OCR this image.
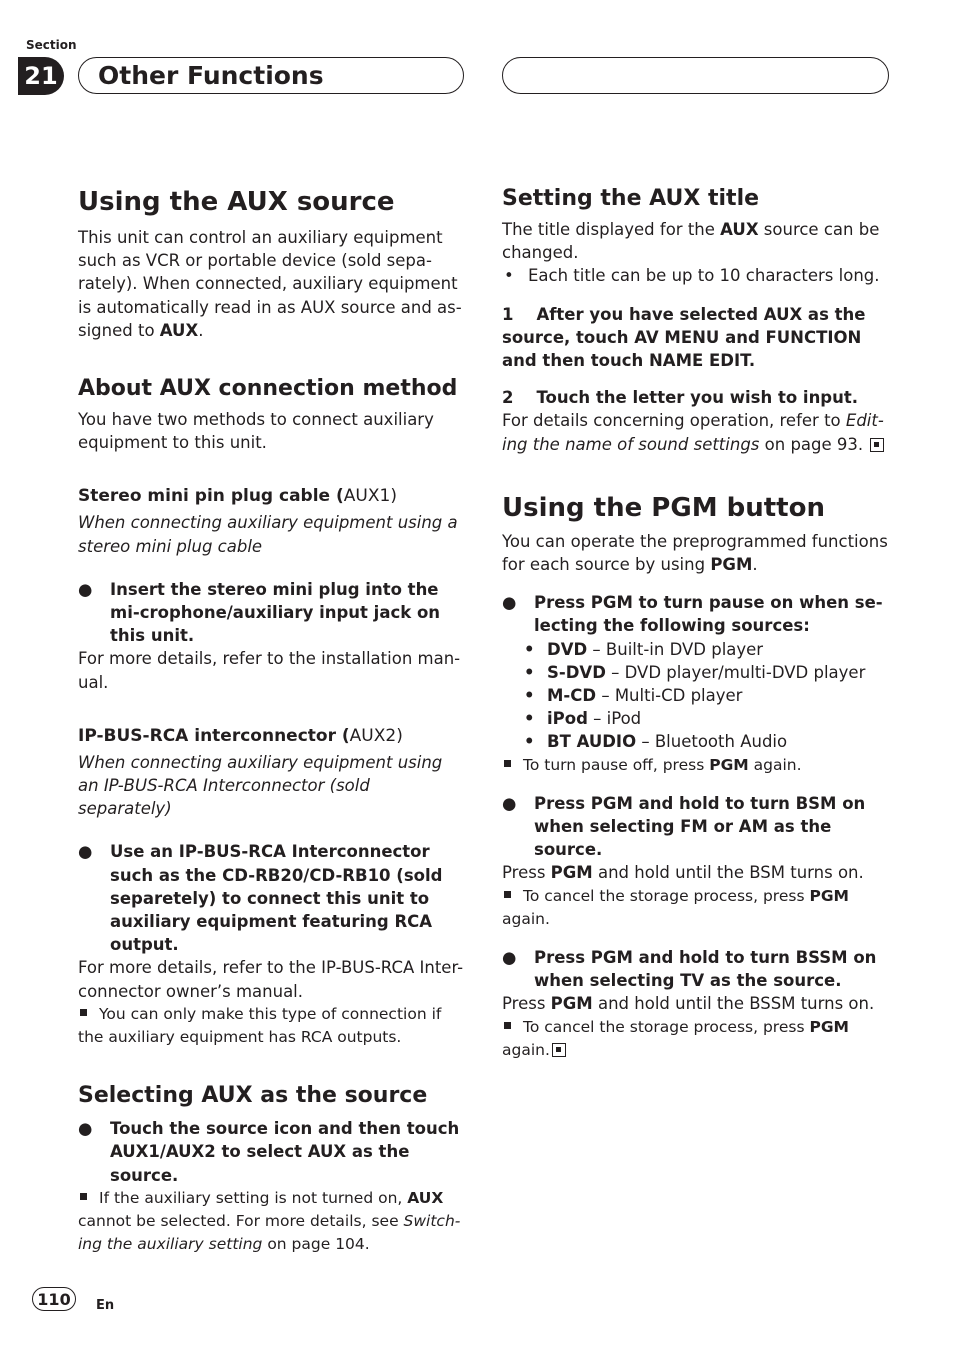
Section
21 Other Functions
Using the AUX source

This unit can control an auxiliary equipment such as VCR or portable device (sold sepa-rately). When connected, auxiliary equipment is automatically read in as AUX source and as-signed to AUX.

About AUX connection method

You have two methods to connect auxiliary equipment to this unit.

Stereo mini pin plug cable (AUX1)

When connecting auxiliary equipment using a stereo mini plug cable

● Insert the stereo mini plug into the mi-crophone/auxiliary input jack on this unit.

For more details, refer to the installation man-ual.

IP-BUS-RCA interconnector (AUX2)

When connecting auxiliary equipment using an IP-BUS-RCA Interconnector (sold separately)

● Use an IP-BUS-RCA Interconnector such as the CD-RB20/CD-RB10 (sold separetely) to connect this unit to auxiliary equipment featuring RCA output.

For more details, refer to the IP-BUS-RCA Inter-connector owner’s manual.

You can only make this type of connection if the auxiliary equipment has RCA outputs.

Selecting AUX as the source

● Touch the source icon and then touch AUX1/AUX2 to select AUX as the source.

If the auxiliary setting is not turned on, AUX cannot be selected. For more details, see Switch-ing the auxiliary setting on page 104.

Setting the AUX title

The title displayed for the AUX source can be changed.

• Each title can be up to 10 characters long.

1 After you have selected AUX as the source, touch AV MENU and FUNCTION and then touch NAME EDIT.

2 Touch the letter you wish to input.

For details concerning operation, refer to Edit-ing the name of sound settings on page 93.

Using the PGM button

You can operate the preprogrammed functions for each source by using PGM.

● Press PGM to turn pause on when se-lecting the following sources:

• DVD – Built-in DVD player
• S-DVD – DVD player/multi-DVD player
• M-CD – Multi-CD player
• iPod – iPod
• BT AUDIO – Bluetooth Audio

To turn pause off, press PGM again.

● Press PGM and hold to turn BSM on when selecting FM or AM as the source.

Press PGM and hold until the BSM turns on.

To cancel the storage process, press PGM again.

● Press PGM and hold to turn BSSM on when selecting TV as the source.

Press PGM and hold until the BSSM turns on.

To cancel the storage process, press PGM again.

110	En
